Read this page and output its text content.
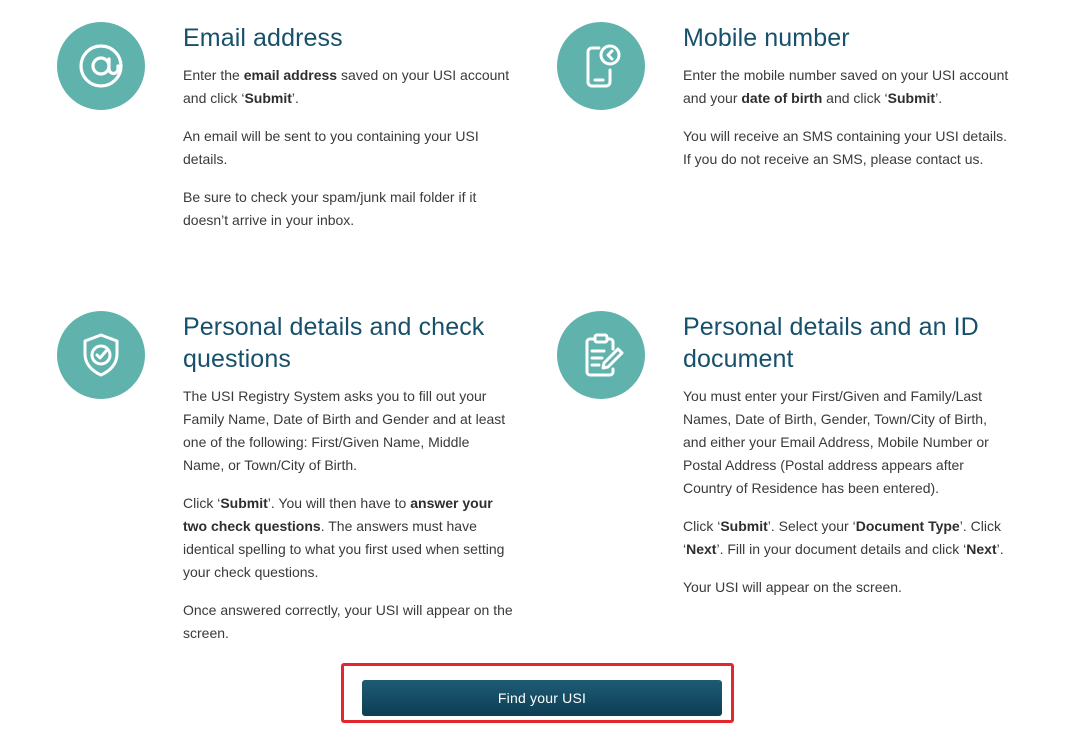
Email address

Enter the email address saved on your USI account and click ‘Submit’.

An email will be sent to you containing your USI details.

Be sure to check your spam/junk mail folder if it doesn’t arrive in your inbox.

Mobile number

Enter the mobile number saved on your USI account and your date of birth and click ‘Submit’.

You will receive an SMS containing your USI details. If you do not receive an SMS, please contact us.

Personal details and check questions

The USI Registry System asks you to fill out your Family Name, Date of Birth and Gender and at least one of the following: First/Given Name, Middle Name, or Town/City of Birth.

Click ‘Submit’. You will then have to answer your two check questions. The answers must have identical spelling to what you first used when setting your check questions.

Once answered correctly, your USI will appear on the screen.

Personal details and an ID document

You must enter your First/Given and Family/Last Names, Date of Birth, Gender, Town/City of Birth, and either your Email Address, Mobile Number or Postal Address (Postal address appears after Country of Residence has been entered).

Click ‘Submit’. Select your ‘Document Type’. Click ‘Next’. Fill in your document details and click ‘Next’.

Your USI will appear on the screen.

Find your USI
